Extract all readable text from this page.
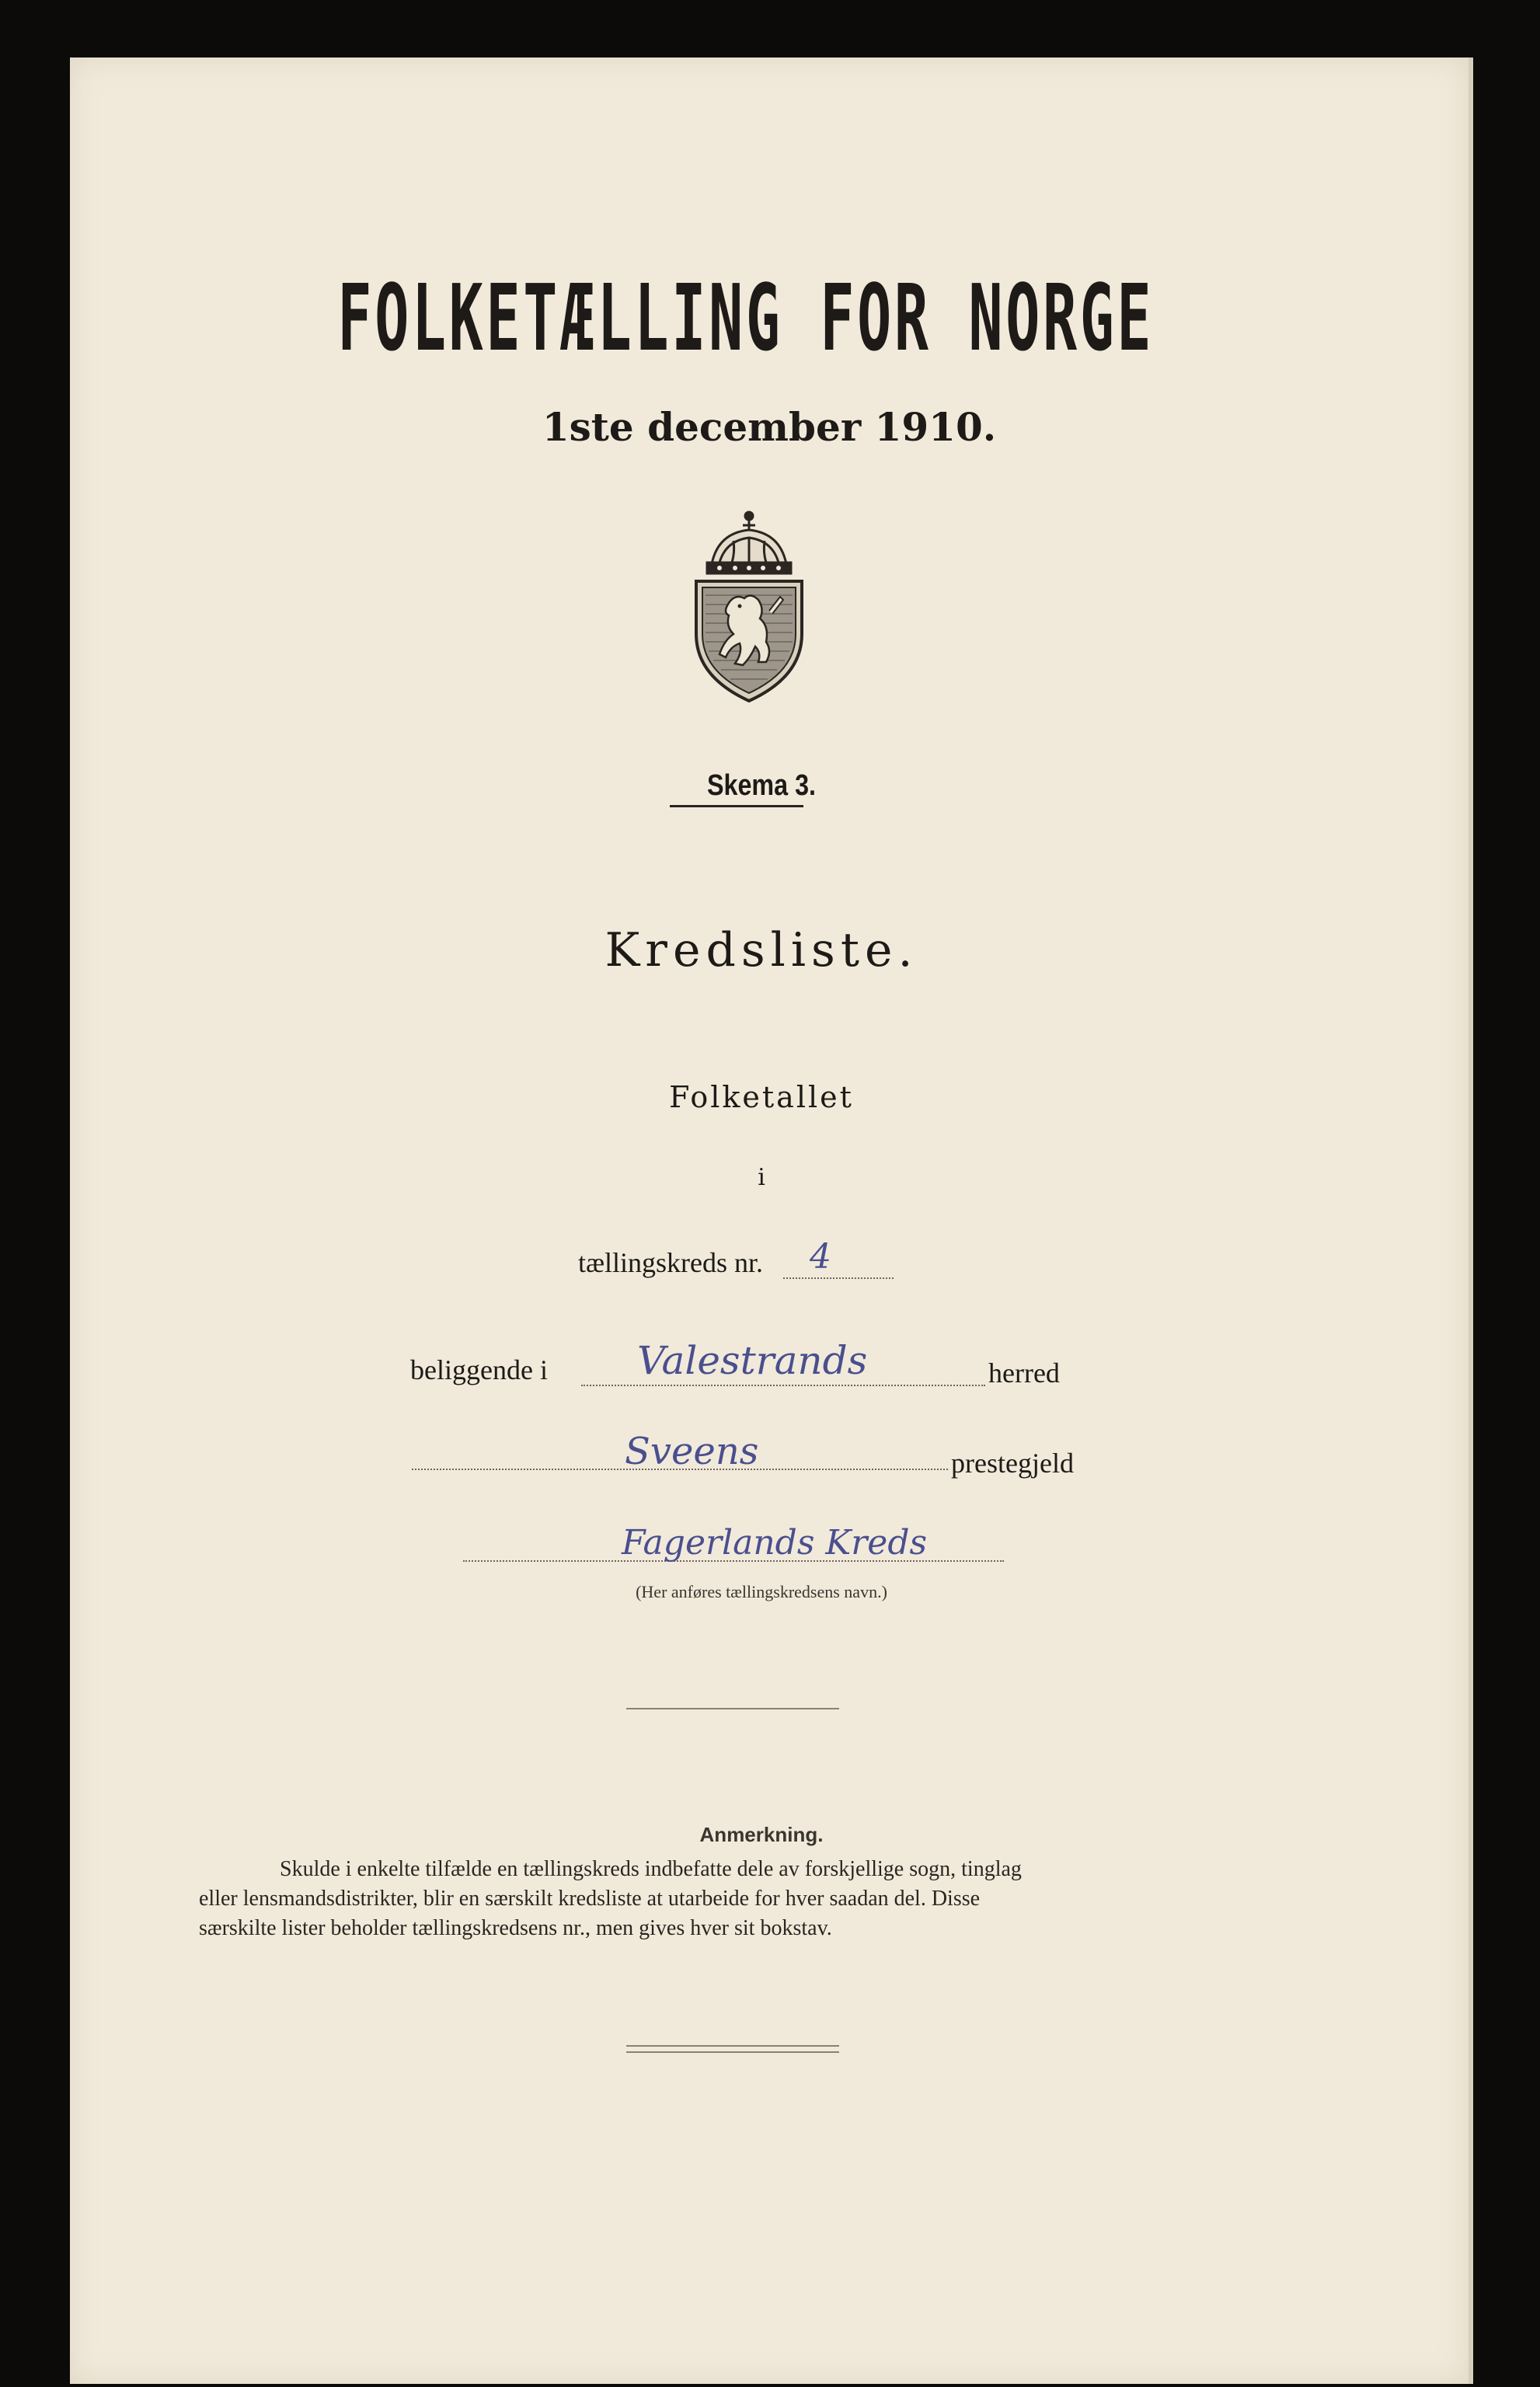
FOLKETÆLLING FOR NORGE
1ste december 1910.
Skema 3.
Kredsliste.
Folketallet
i
tællingskreds nr. 4
beliggende i Valestrands	herred
Sveens	prestegjeld
Fagerlands Kreds
(Her anføres tællingskredsens navn.)
Anmerkning.
Skulde i enkelte tilfælde en tællingskreds indbefatte dele av forskjellige sogn, tinglag
eller lensmandsdistrikter, blir en særskilt kredsliste at utarbeide for hver saadan del. Disse
særskilte lister beholder tællingskredsens nr., men gives hver sit bokstav.
